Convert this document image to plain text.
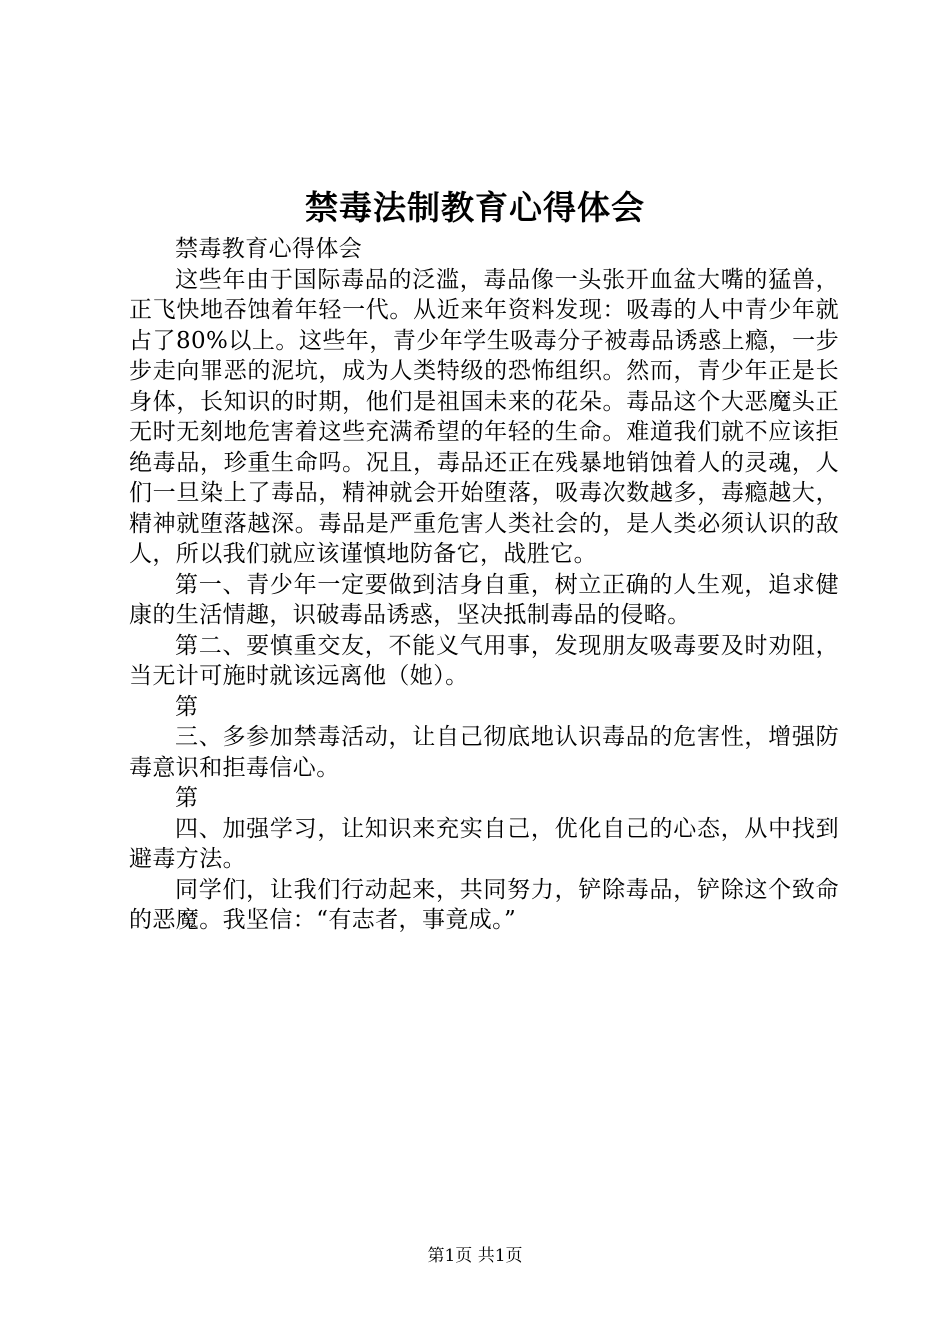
禁毒法制教育心得体会

禁毒教育心得体会

这些年由于国际毒品的泛滥，毒品像一头张开血盆大嘴的猛兽，正飞快地吞蚀着年轻一代。从近来年资料发现：吸毒的人中青少年就占了80%以上。这些年，青少年学生吸毒分子被毒品诱惑上瘾，一步步走向罪恶的泥坑，成为人类特级的恐怖组织。然而，青少年正是长身体，长知识的时期，他们是祖国未来的花朵。毒品这个大恶魔头正无时无刻地危害着这些充满希望的年轻的生命。难道我们就不应该拒绝毒品，珍重生命吗。况且，毒品还正在残暴地销蚀着人的灵魂，人们一旦染上了毒品，精神就会开始堕落，吸毒次数越多，毒瘾越大，精神就堕落越深。毒品是严重危害人类社会的，是人类必须认识的敌人，所以我们就应该谨慎地防备它，战胜它。

第一、青少年一定要做到洁身自重，树立正确的人生观，追求健康的生活情趣，识破毒品诱惑，坚决抵制毒品的侵略。

第二、要慎重交友，不能义气用事，发现朋友吸毒要及时劝阻，当无计可施时就该远离他（她）。

第

三、多参加禁毒活动，让自己彻底地认识毒品的危害性，增强防毒意识和拒毒信心。

第

四、加强学习，让知识来充实自己，优化自己的心态，从中找到避毒方法。

同学们，让我们行动起来，共同努力，铲除毒品，铲除这个致命的恶魔。我坚信：“有志者，事竟成。”

第1页 共1页
